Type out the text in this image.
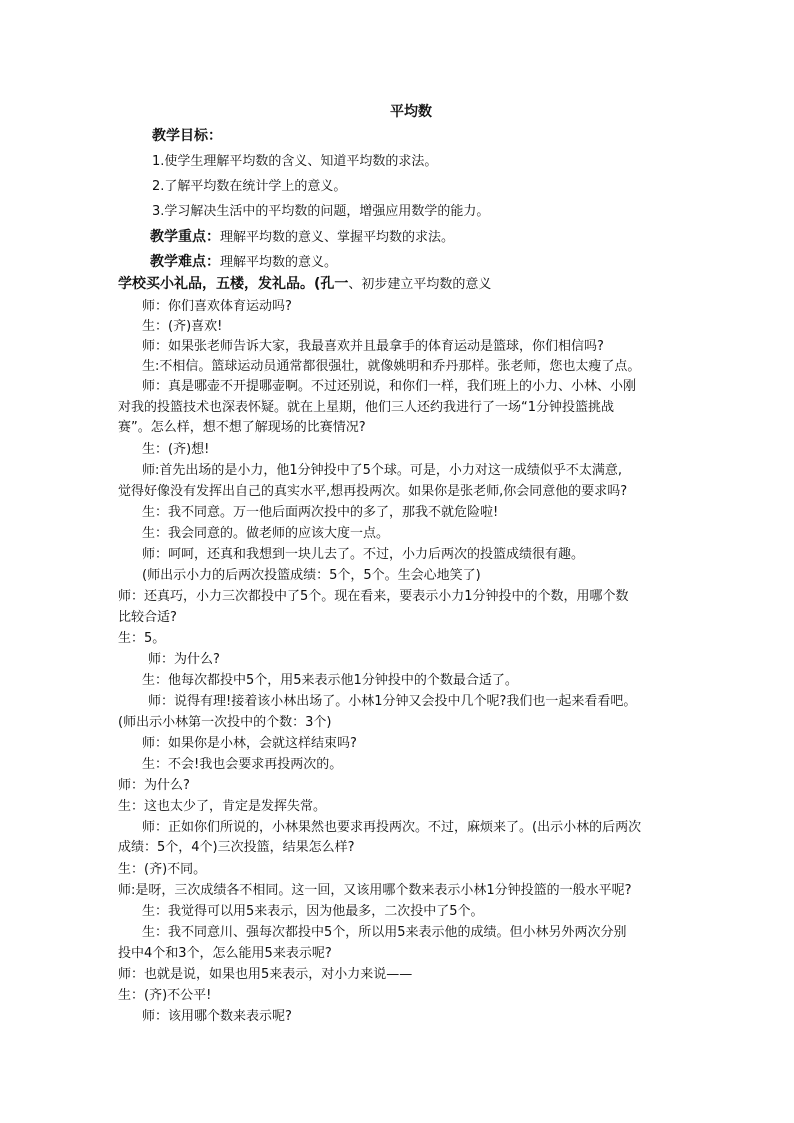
平均数
教学目标：
1.使学生理解平均数的含义、知道平均数的求法。
2.了解平均数在统计学上的意义。
3.学习解决生活中的平均数的问题，增强应用数学的能力。
教学重点：理解平均数的意义、掌握平均数的求法。
教学难点：理解平均数的意义。
学校买小礼品，五楼，发礼品。(孔一、初步建立平均数的意义
师：你们喜欢体育运动吗?
生：(齐)喜欢!
师：如果张老师告诉大家，我最喜欢并且最拿手的体育运动是篮球，你们相信吗?
生:不相信。篮球运动员通常都很强壮，就像姚明和乔丹那样。张老师，您也太瘦了点。
师：真是哪壶不开提哪壶啊。不过还别说，和你们一样，我们班上的小力、小林、小刚
对我的投篮技术也深表怀疑。就在上星期，他们三人还约我进行了一场“1分钟投篮挑战
赛”。怎么样，想不想了解现场的比赛情况?
生：(齐)想!
师:首先出场的是小力，他1分钟投中了5个球。可是，小力对这一成绩似乎不太满意,
觉得好像没有发挥出自己的真实水平,想再投两次。如果你是张老师,你会同意他的要求吗?
生：我不同意。万一他后面两次投中的多了，那我不就危险啦!
生：我会同意的。做老师的应该大度一点。
师：呵呵，还真和我想到一块儿去了。不过，小力后两次的投篮成绩很有趣。
(师出示小力的后两次投篮成绩：5个，5个。生会心地笑了)
师：还真巧，小力三次都投中了5个。现在看来，要表示小力1分钟投中的个数，用哪个数
比较合适?
生：5。
师：为什么?
生：他每次都投中5个，用5来表示他1分钟投中的个数最合适了。
师：说得有理!接着该小林出场了。小林1分钟又会投中几个呢?我们也一起来看看吧。
(师出示小林第一次投中的个数：3个)
师：如果你是小林，会就这样结束吗?
生：不会!我也会要求再投两次的。
师：为什么?
生：这也太少了，肯定是发挥失常。
师：正如你们所说的，小林果然也要求再投两次。不过，麻烦来了。(出示小林的后两次
成绩：5个，4个)三次投篮，结果怎么样?
生：(齐)不同。
师:是呀，三次成绩各不相同。这一回，又该用哪个数来表示小林1分钟投篮的一般水平呢?
生：我觉得可以用5来表示，因为他最多，二次投中了5个。
生：我不同意川、强每次都投中5个，所以用5来表示他的成绩。但小林另外两次分别
投中4个和3个，怎么能用5来表示呢?
师：也就是说，如果也用5来表示，对小力来说——
生：(齐)不公平!
师：该用哪个数来表示呢?
